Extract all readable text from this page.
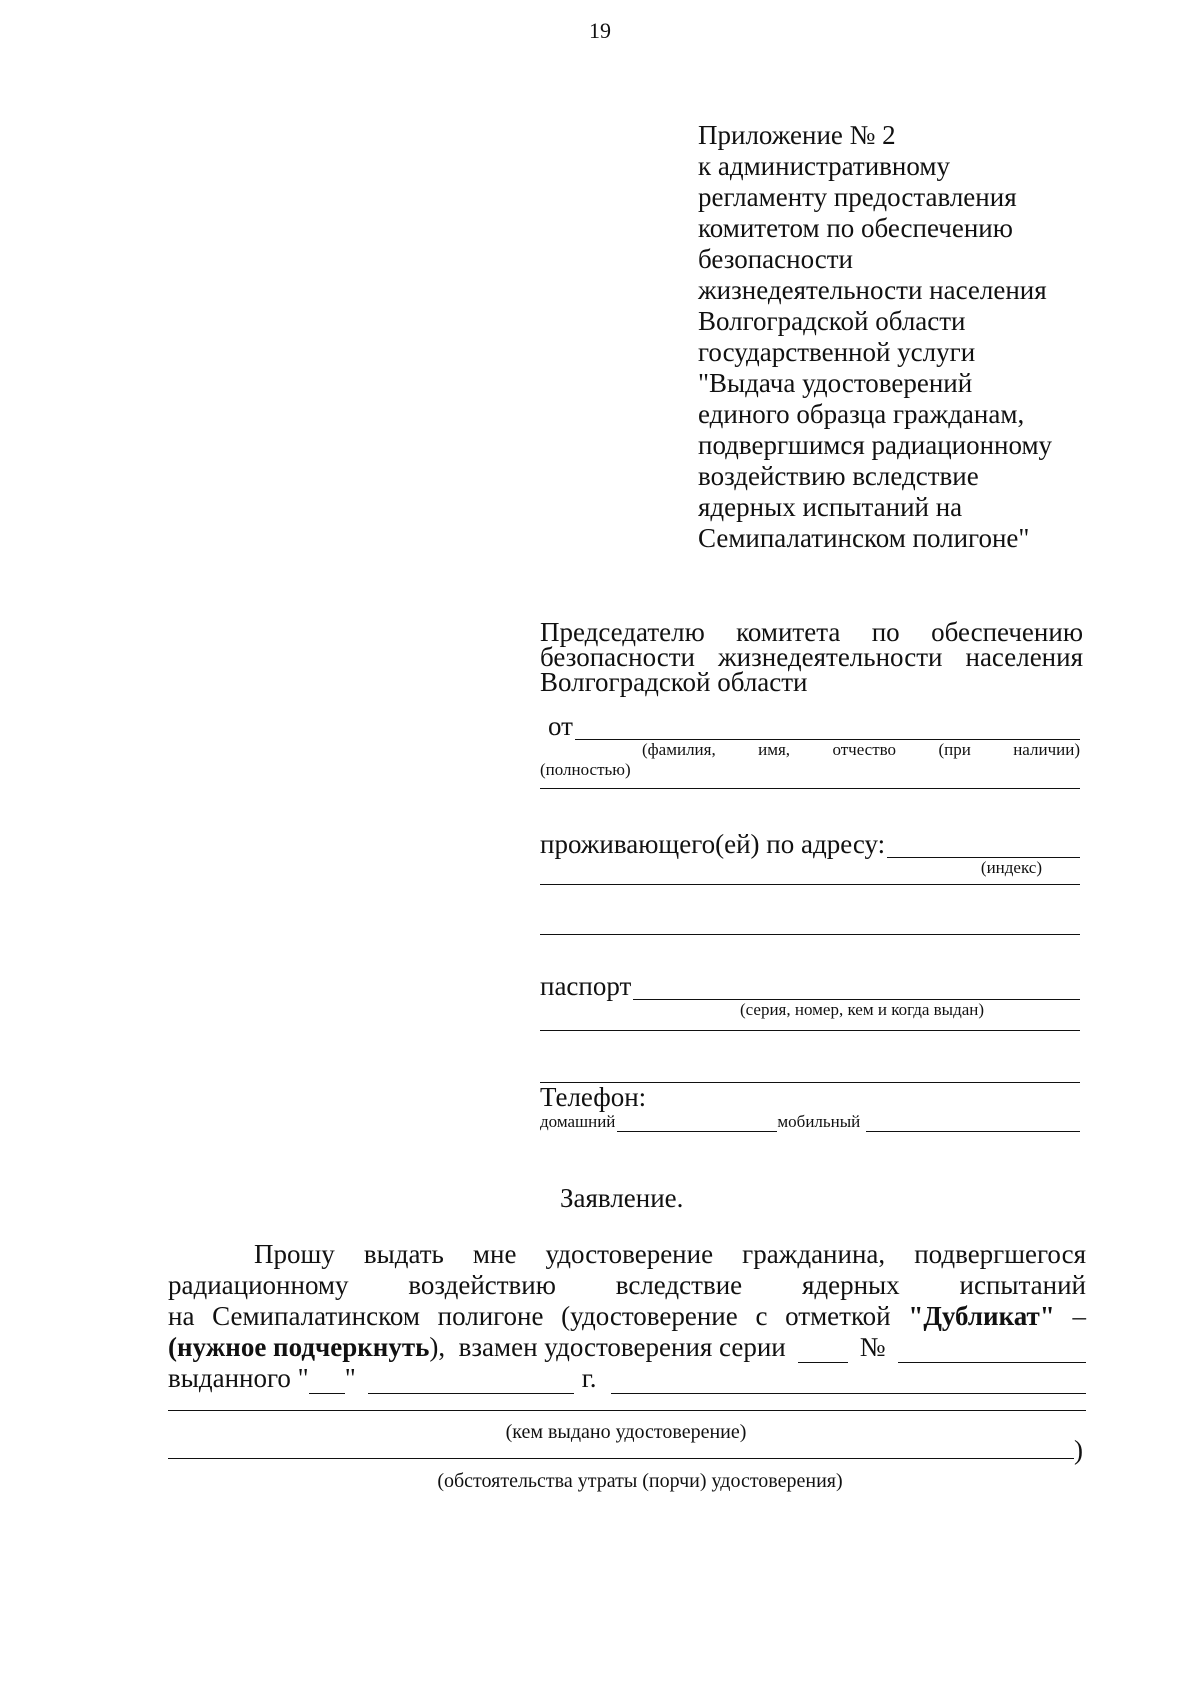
19
Приложение № 2
к административному
регламенту предоставления
комитетом по обеспечению
безопасности
жизнедеятельности населения
Волгоградской области
государственной услуги
"Выдача удостоверений
единого образца гражданам,
подвергшимся радиационному
воздействию вследствие
ядерных испытаний на
Семипалатинском полигоне"
Председателю комитета по обеспечению
безопасности жизнедеятельности населения
Волгоградской области
от
(фамилия, имя, отчество (при наличии)
(полностью)
проживающего(ей) по адресу:
(индекс)
паспорт
(серия, номер, кем и когда выдан)
Телефон:
домашний	мобильный
Заявление.
Прошу выдать мне удостоверение гражданина, подвергшегося
радиационному воздействию вследствие ядерных испытаний
на Семипалатинском полигоне (удостоверение с отметкой "Дубликат" –
(нужное подчеркнуть ),  взамен удостоверения серии	№
выданного " "	г.
(кем выдано удостоверение)
)
(обстоятельства утраты (порчи) удостоверения)
